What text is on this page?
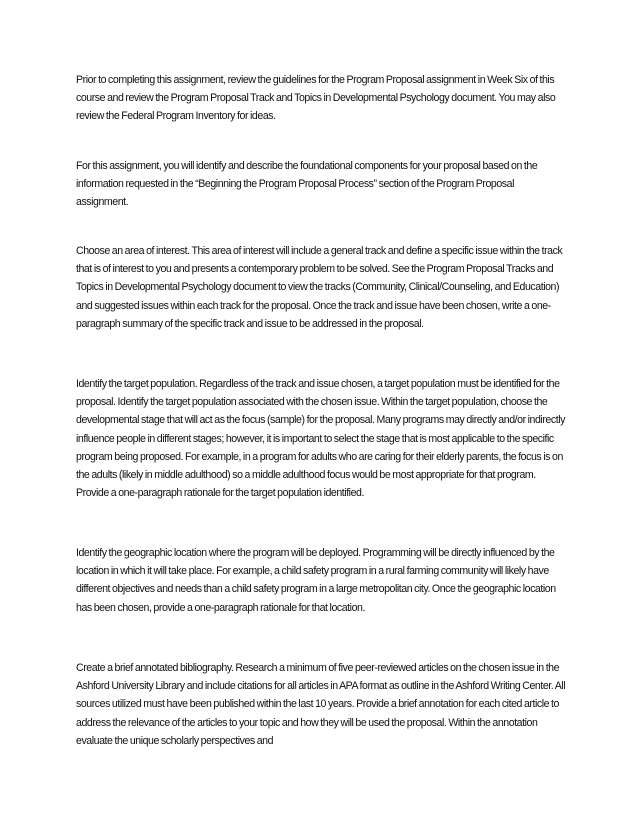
Prior to completing this assignment, review the guidelines for the Program Proposal assignment in Week Six of this course and review the Program Proposal Track and Topics in Developmental Psychology document. You may also review the Federal Program Inventory for ideas.

For this assignment, you will identify and describe the foundational components for your proposal based on the information requested in the “Beginning the Program Proposal Process” section of the Program Proposal assignment.

Choose an area of interest. This area of interest will include a general track and define a specific issue within the track that is of interest to you and presents a contemporary problem to be solved. See the Program Proposal Tracks and Topics in Developmental Psychology document to view the tracks (Community, Clinical/Counseling, and Education) and suggested issues within each track for the proposal. Once the track and issue have been chosen, write a one-paragraph summary of the specific track and issue to be addressed in the proposal.

Identify the target population. Regardless of the track and issue chosen, a target population must be identified for the proposal. Identify the target population associated with the chosen issue. Within the target population, choose the developmental stage that will act as the focus (sample) for the proposal. Many programs may directly and/or indirectly influence people in different stages; however, it is important to select the stage that is most applicable to the specific program being proposed. For example, in a program for adults who are caring for their elderly parents, the focus is on the adults (likely in middle adulthood) so a middle adulthood focus would be most appropriate for that program. Provide a one-paragraph rationale for the target population identified.

Identify the geographic location where the program will be deployed. Programming will be directly influenced by the location in which it will take place. For example, a child safety program in a rural farming community will likely have different objectives and needs than a child safety program in a large metropolitan city. Once the geographic location has been chosen, provide a one-paragraph rationale for that location.

Create a brief annotated bibliography. Research a minimum of five peer-reviewed articles on the chosen issue in the Ashford University Library and include citations for all articles in APA format as outline in the Ashford Writing Center. All sources utilized must have been published within the last 10 years. Provide a brief annotation for each cited article to address the relevance of the articles to your topic and how they will be used the proposal. Within the annotation evaluate the unique scholarly perspectives and
